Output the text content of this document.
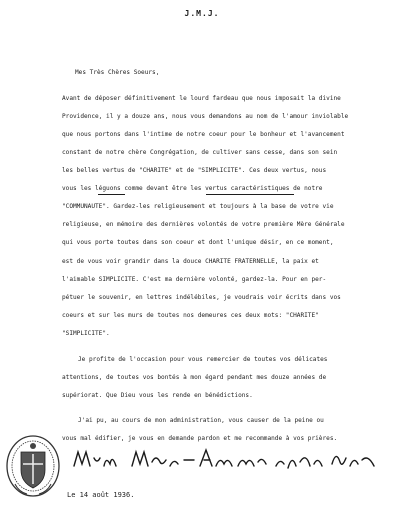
J.M.J.
Mes Très Chères Soeurs,
Avant de déposer définitivement le lourd fardeau que nous imposait la divine
Providence, il y a douze ans, nous vous demandons au nom de l'amour inviolable
que nous portons dans l'intime de notre coeur pour le bonheur et l'avancement
constant de notre chère Congrégation, de cultiver sans cesse, dans son sein
les belles vertus de "CHARITE" et de "SIMPLICITE". Ces deux vertus, nous
vous les léguons comme devant être les vertus caractéristiques de notre
"COMMUNAUTE". Gardez-les religieusement et toujours à la base de votre vie
religieuse, en mémoire des dernières volontés de votre première Mère Générale
qui vous porte toutes dans son coeur et dont l'unique désir, en ce moment,
est de vous voir grandir dans la douce CHARITE FRATERNELLE, la paix et
l'aimable SIMPLICITE. C'est ma dernière volonté, gardez-la. Pour en per-
pétuer le souvenir, en lettres indélébiles, je voudrais voir écrits dans vos
coeurs et sur les murs de toutes nos demeures ces deux mots: "CHARITE"
"SIMPLICITE".
Je profite de l'occasion pour vous remercier de toutes vos délicates
attentions, de toutes vos bontés à mon égard pendant mes douze années de
supériorat. Que Dieu vous les rende en bénédictions.
J'ai pu, au cours de mon administration, vous causer de la peine ou
vous mal édifier, je vous en demande pardon et me recommande à vos prières.
Le 14 août 1936.
